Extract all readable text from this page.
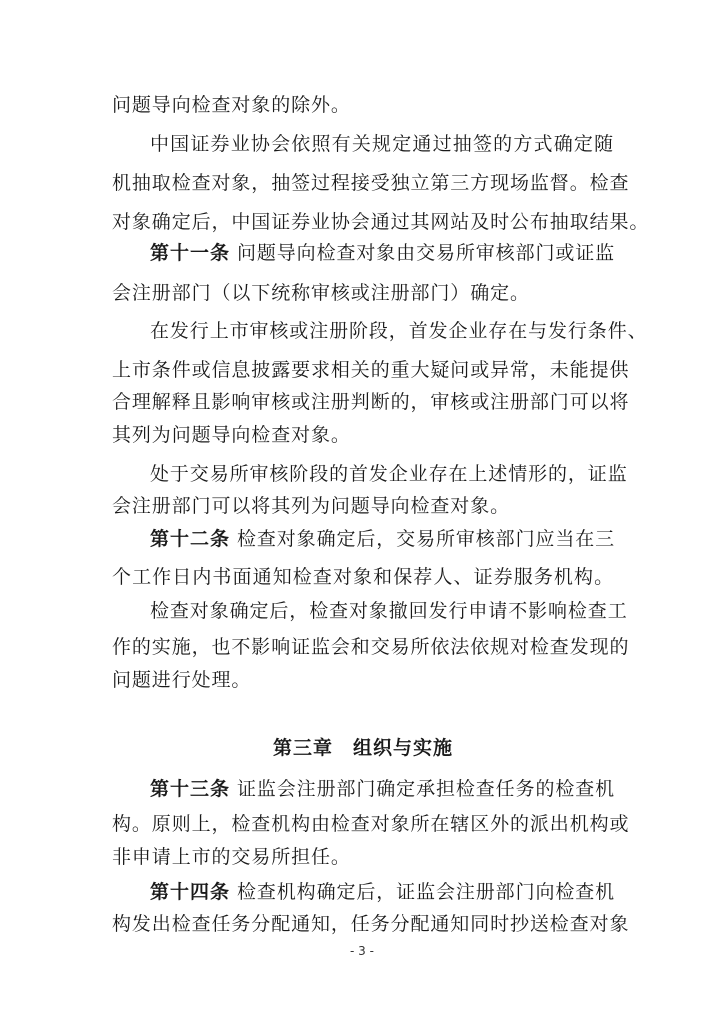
问题导向检查对象的除外。
中国证券业协会依照有关规定通过抽签的方式确定随
机抽取检查对象，抽签过程接受独立第三方现场监督。检查
对象确定后，中国证券业协会通过其网站及时公布抽取结果。
第十一条 问题导向检查对象由交易所审核部门或证监
会注册部门（以下统称审核或注册部门）确定。
在发行上市审核或注册阶段，首发企业存在与发行条件、
上市条件或信息披露要求相关的重大疑问或异常，未能提供
合理解释且影响审核或注册判断的，审核或注册部门可以将
其列为问题导向检查对象。
处于交易所审核阶段的首发企业存在上述情形的，证监
会注册部门可以将其列为问题导向检查对象。
第十二条 检查对象确定后，交易所审核部门应当在三
个工作日内书面通知检查对象和保荐人、证券服务机构。
检查对象确定后，检查对象撤回发行申请不影响检查工
作的实施，也不影响证监会和交易所依法依规对检查发现的
问题进行处理。
第三章 组织与实施
第十三条 证监会注册部门确定承担检查任务的检查机
构。原则上，检查机构由检查对象所在辖区外的派出机构或
非申请上市的交易所担任。
第十四条 检查机构确定后，证监会注册部门向检查机
构发出检查任务分配通知，任务分配通知同时抄送检查对象
- 3 -
